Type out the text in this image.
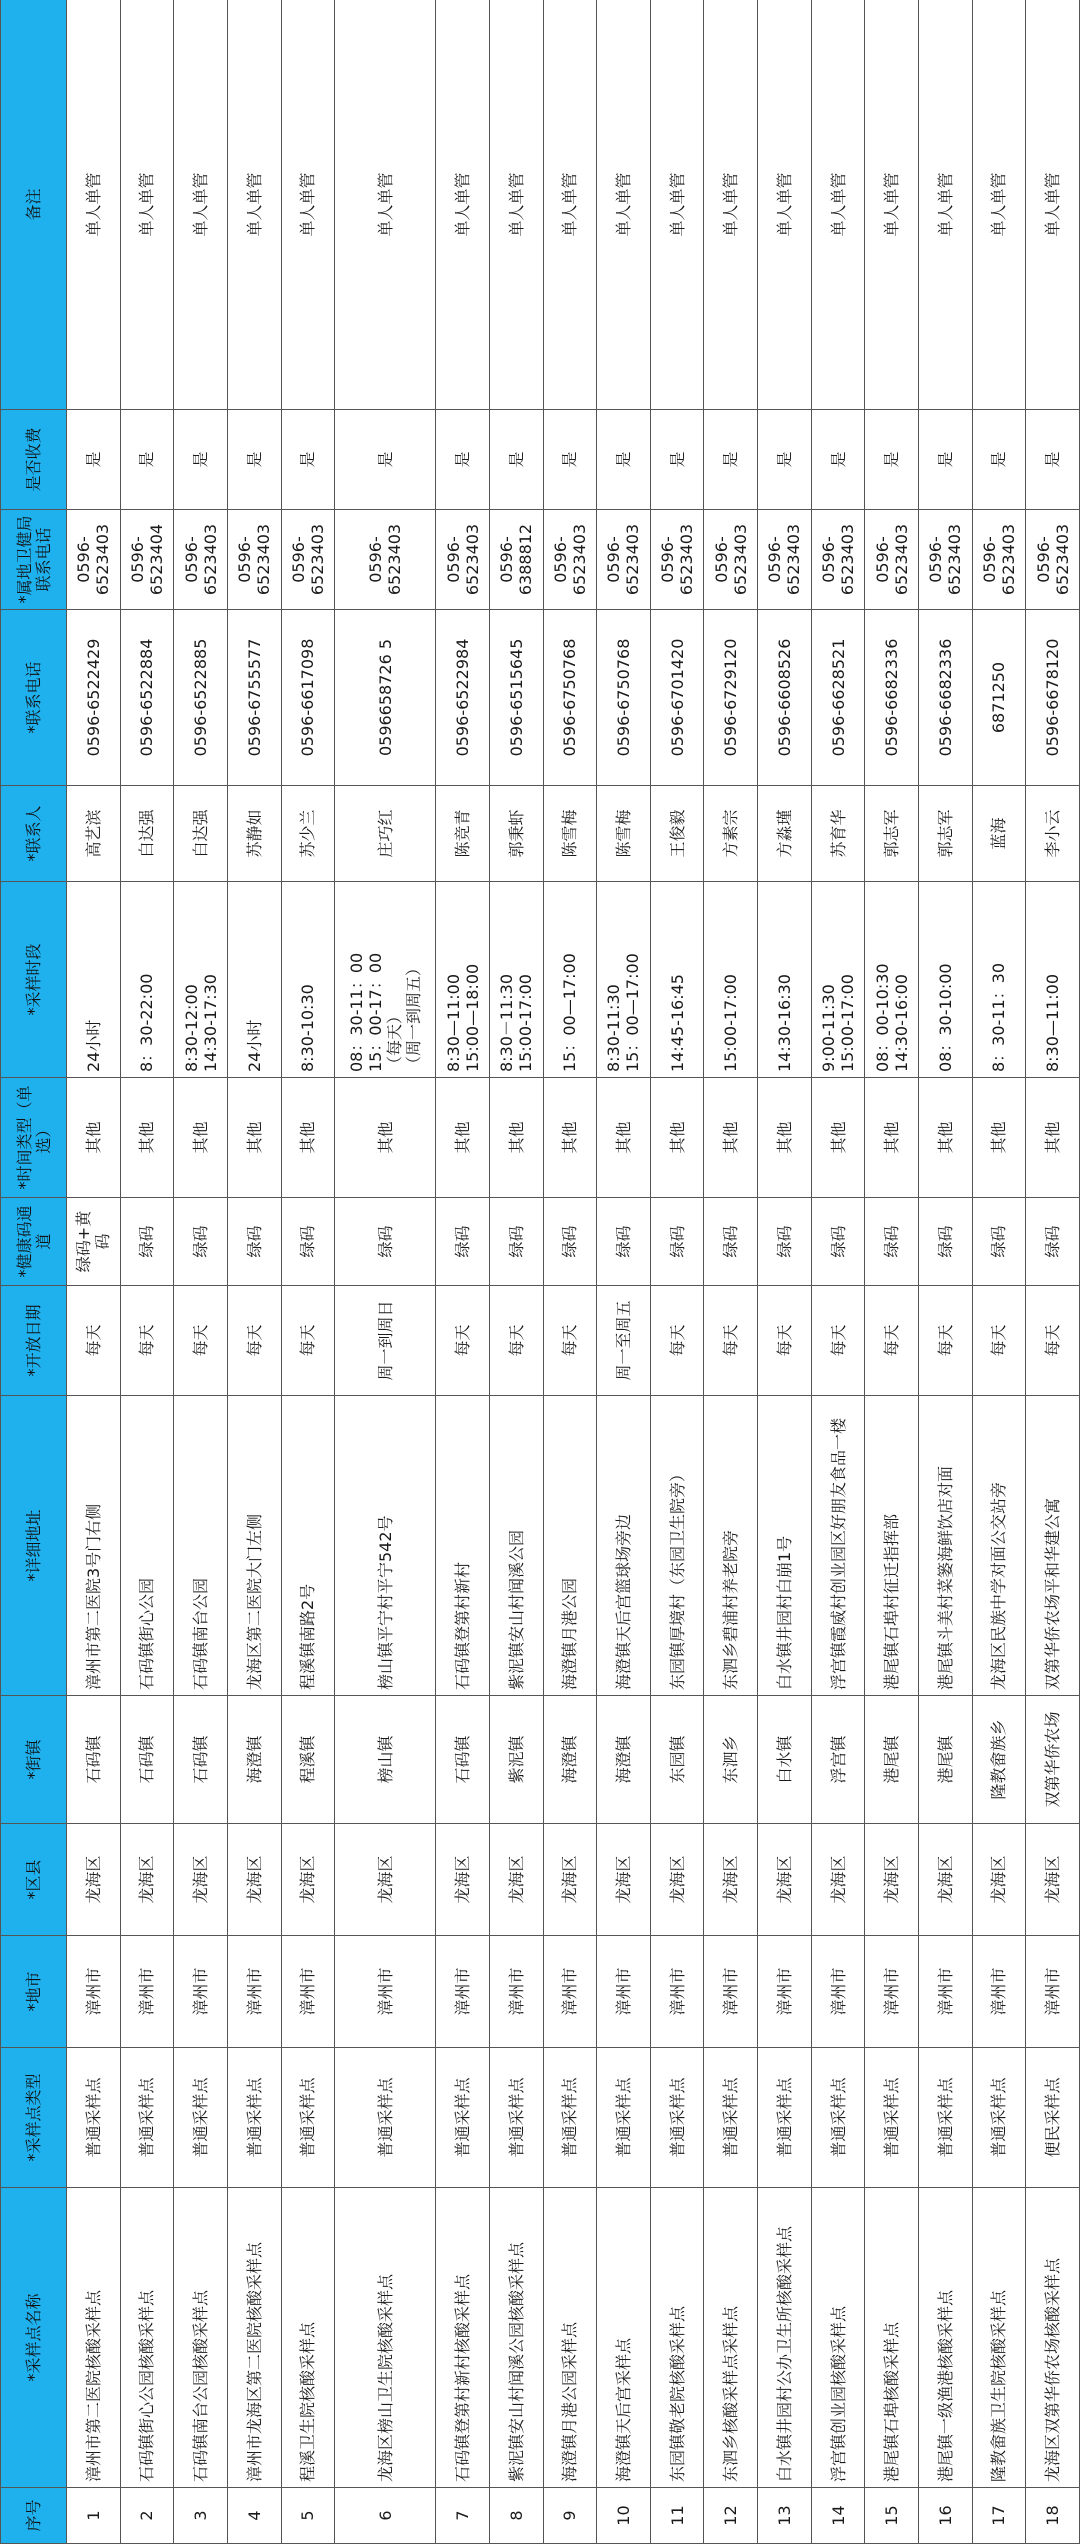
序号	*采样点名称	*采样点类型	*地市	*区县	*街镇	*详细地址	*开放日期	*健康码通道	*时间类型（单选）	*采样时段	*联系人	*联系电话	*属地卫健局联系电话	是否收费	备注
1	漳州市第二医院核酸采样点	普通采样点	漳州市	龙海区	石码镇	漳州市第二医院3号门右侧	每天	绿码+黄码	其他	24小时	高艺滨	0596-6522429	0596-6523403	是	单人单管
2	石码镇街心公园核酸采样点	普通采样点	漳州市	龙海区	石码镇	石码镇街心公园	每天	绿码	其他	8：30-22:00	白达强	0596-6522884	0596-6523404	是	单人单管
3	石码镇南台公园核酸采样点	普通采样点	漳州市	龙海区	石码镇	石码镇南台公园	每天	绿码	其他	8:30-12:00
14:30-17:30	白达强	0596-6522885	0596-6523403	是	单人单管
4	漳州市龙海区第二医院核酸采样点	普通采样点	漳州市	龙海区	海澄镇	龙海区第二医院大门左侧	每天	绿码	其他	24小时	苏静如	0596-6755577	0596-6523403	是	单人单管
5	程溪卫生院核酸采样点	普通采样点	漳州市	龙海区	程溪镇	程溪镇南路2号	每天	绿码	其他	8:30-10:30	苏少兰	0596-6617098	0596-6523403	是	单人单管
6	龙海区榜山卫生院核酸采样点	普通采样点	漳州市	龙海区	榜山镇	榜山镇平宁村平宁542号	周一到周日	绿码	其他	08：30-11：00
15：00-17：00
（每天）
（周一到周五）	庄巧红	0596658726 5	0596-6523403	是	单人单管
7	石码镇登第村新村核酸采样点	普通采样点	漳州市	龙海区	石码镇	石码镇登第村新村	每天	绿码	其他	8:30—11:00
15:00—18:00	陈竞青	0596-6522984	0596-6523403	是	单人单管
8	紫泥镇安山村闻溪公园核酸采样点	普通采样点	漳州市	龙海区	紫泥镇	紫泥镇安山村闻溪公园	每天	绿码	其他	8:30－11:30
15:00-17:00	郭秉虾	0596-6515645	0596-6388812	是	单人单管
9	海澄镇月港公园采样点	普通采样点	漳州市	龙海区	海澄镇	海澄镇月港公园	每天	绿码	其他	15：00—17:00	陈雪梅	0596-6750768	0596-6523403	是	单人单管
10	海澄镇天后宫采样点	普通采样点	漳州市	龙海区	海澄镇	海澄镇天后宫篮球场旁边	周一至周五	绿码	其他	8:30-11:30
15：00—17:00	陈雪梅	0596-6750768	0596-6523403	是	单人单管
11	东园镇敬老院核酸采样点	普通采样点	漳州市	龙海区	东园镇	东园镇厚境村（东园卫生院旁）	每天	绿码	其他	14:45-16:45	王俊毅	0596-6701420	0596-6523403	是	单人单管
12	东泗乡核酸采样点采样点	普通采样点	漳州市	龙海区	东泗乡	东泗乡碧浦村养老院旁	每天	绿码	其他	15:00-17:00	方素宗	0596-6729120	0596-6523403	是	单人单管
13	白水镇井园村公办卫生所核酸采样点	普通采样点	漳州市	龙海区	白水镇	白水镇井园村白崩1号	每天	绿码	其他	14:30-16:30	方淼瑾	0596-6608526	0596-6523403	是	单人单管
14	浮宫镇创业园核酸采样点	普通采样点	漳州市	龙海区	浮宫镇	浮宫镇霞威村创业园区好朋友食品一楼	每天	绿码	其他	9:00-11:30
15:00-17:00	苏育华	0596-6628521	0596-6523403	是	单人单管
15	港尾镇石埠核酸采样点	普通采样点	漳州市	龙海区	港尾镇	港尾镇石埠村征迁指挥部	每天	绿码	其他	08：00-10:30
14:30-16:00	郭志军	0596-6682336	0596-6523403	是	单人单管
16	港尾镇一级渔港核酸采样点	普通采样点	漳州市	龙海区	港尾镇	港尾镇斗美村菜篓海鲜饮店对面	每天	绿码	其他	08：30-10:00	郭志军	0596-6682336	0596-6523403	是	单人单管
17	隆教畲族卫生院核酸采样点	普通采样点	漳州市	龙海区	隆教畲族乡	龙海区民族中学对面公交站旁	每天	绿码	其他	8：30-11：30	蓝海	6871250	0596-6523403	是	单人单管
18	龙海区双第华侨农场核酸采样点	便民采样点	漳州市	龙海区	双第华侨农场	双第华侨农场平和华建公寓	每天	绿码	其他	8:30—11:00	李小云	0596-6678120	0596-6523403	是	单人单管
